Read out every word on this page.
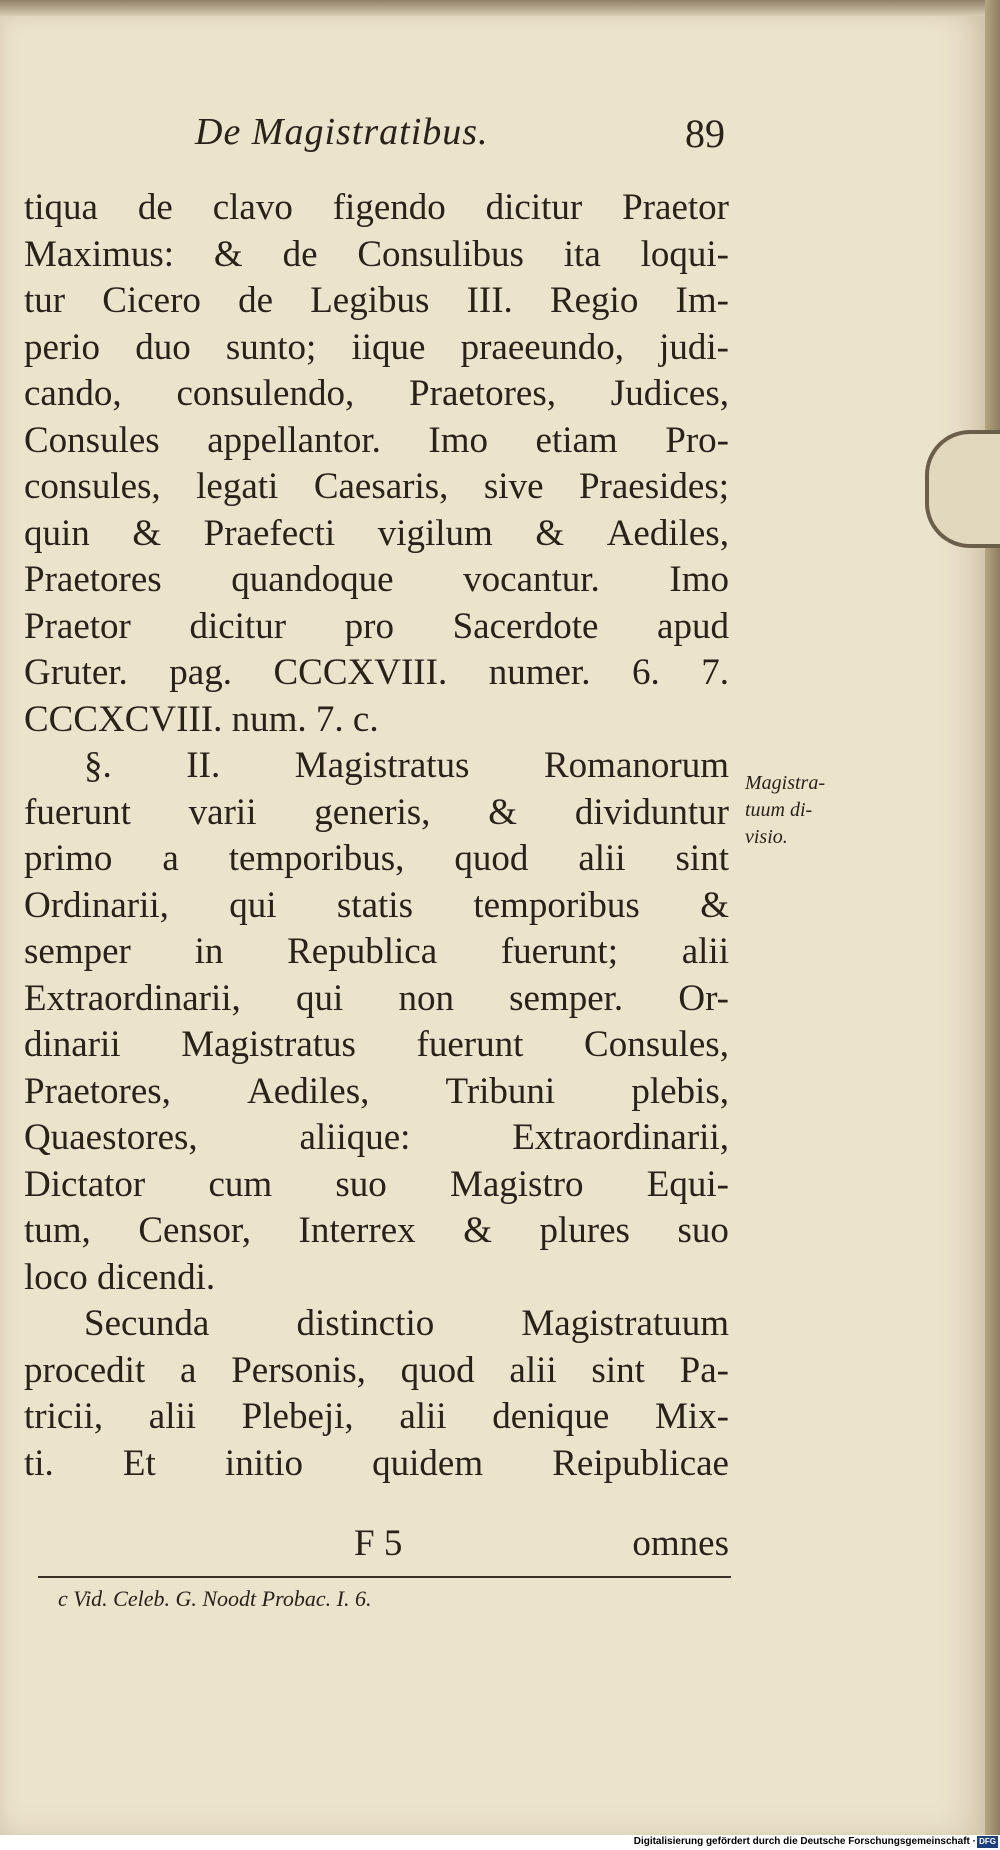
De Magistratibus.	89
tiqua de clavo figendo dicitur Praetor
Maximus: & de Consulibus ita loqui-
tur Cicero de Legibus III. Regio Im-
perio duo sunto; iique praeeundo, judi-
cando, consulendo, Praetores, Judices,
Consules appellantor. Imo etiam Pro-
consules, legati Caesaris, sive Praesides;
quin & Praefecti vigilum & Aediles,
Praetores quandoque vocantur. Imo
Praetor dicitur pro Sacerdote apud
Gruter. pag. CCCXVIII. numer. 6. 7.
CCCXCVIII. num. 7. c.
§. II. Magistratus Romanorum
fuerunt varii generis, & dividuntur
primo a temporibus, quod alii sint
Ordinarii, qui statis temporibus &
semper in Republica fuerunt; alii
Extraordinarii, qui non semper. Or-
dinarii Magistratus fuerunt Consules,
Praetores, Aediles, Tribuni plebis,
Quaestores,	aliique:	Extraordinarii,
Dictator cum suo Magistro Equi-
tum, Censor, Interrex & plures suo
loco dicendi.
Secunda distinctio Magistratuum
procedit a Personis, quod alii sint Pa-
tricii, alii Plebeji, alii denique Mix-
ti. Et initio quidem Reipublicae
Magistra-
tuum di-
visio.
F 5	omnes
c Vid. Celeb. G. Noodt Probac. I. 6.
Digitalisierung gefördert durch die Deutsche Forschungsgemeinschaft · DFG
